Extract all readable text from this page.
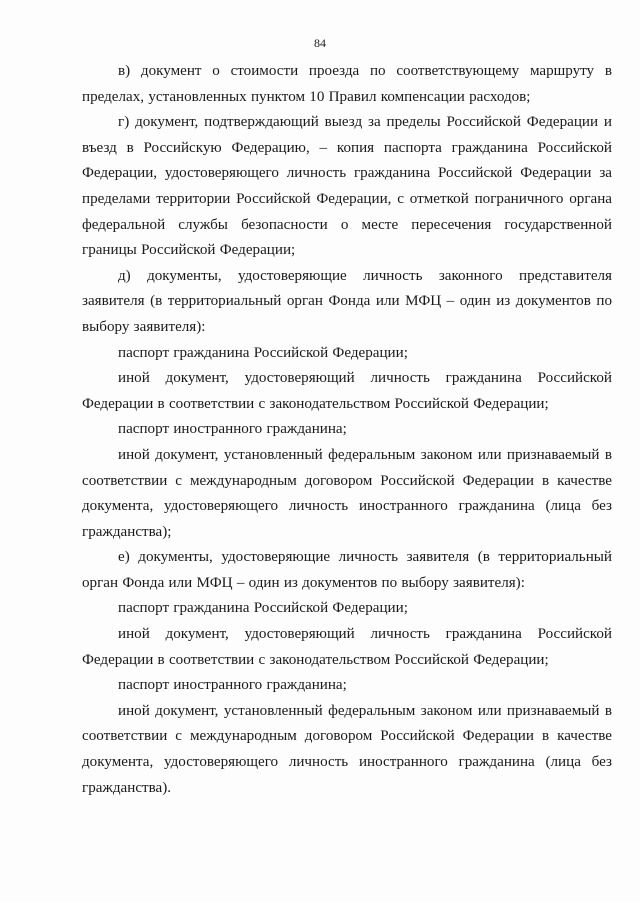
84

в) документ о стоимости проезда по соответствующему маршруту в пределах, установленных пунктом 10 Правил компенсации расходов;

г) документ, подтверждающий выезд за пределы Российской Федерации и въезд в Российскую Федерацию, – копия паспорта гражданина Российской Федерации, удостоверяющего личность гражданина Российской Федерации за пределами территории Российской Федерации, с отметкой пограничного органа федеральной службы безопасности о месте пересечения государственной границы Российской Федерации;

д) документы, удостоверяющие личность законного представителя заявителя (в территориальный орган Фонда или МФЦ – один из документов по выбору заявителя):

паспорт гражданина Российской Федерации;

иной документ, удостоверяющий личность гражданина Российской Федерации в соответствии с законодательством Российской Федерации;

паспорт иностранного гражданина;

иной документ, установленный федеральным законом или признаваемый в соответствии с международным договором Российской Федерации в качестве документа, удостоверяющего личность иностранного гражданина (лица без гражданства);

е) документы, удостоверяющие личность заявителя (в территориальный орган Фонда или МФЦ – один из документов по выбору заявителя):

паспорт гражданина Российской Федерации;

иной документ, удостоверяющий личность гражданина Российской Федерации в соответствии с законодательством Российской Федерации;

паспорт иностранного гражданина;

иной документ, установленный федеральным законом или признаваемый в соответствии с международным договором Российской Федерации в качестве документа, удостоверяющего личность иностранного гражданина (лица без гражданства).
